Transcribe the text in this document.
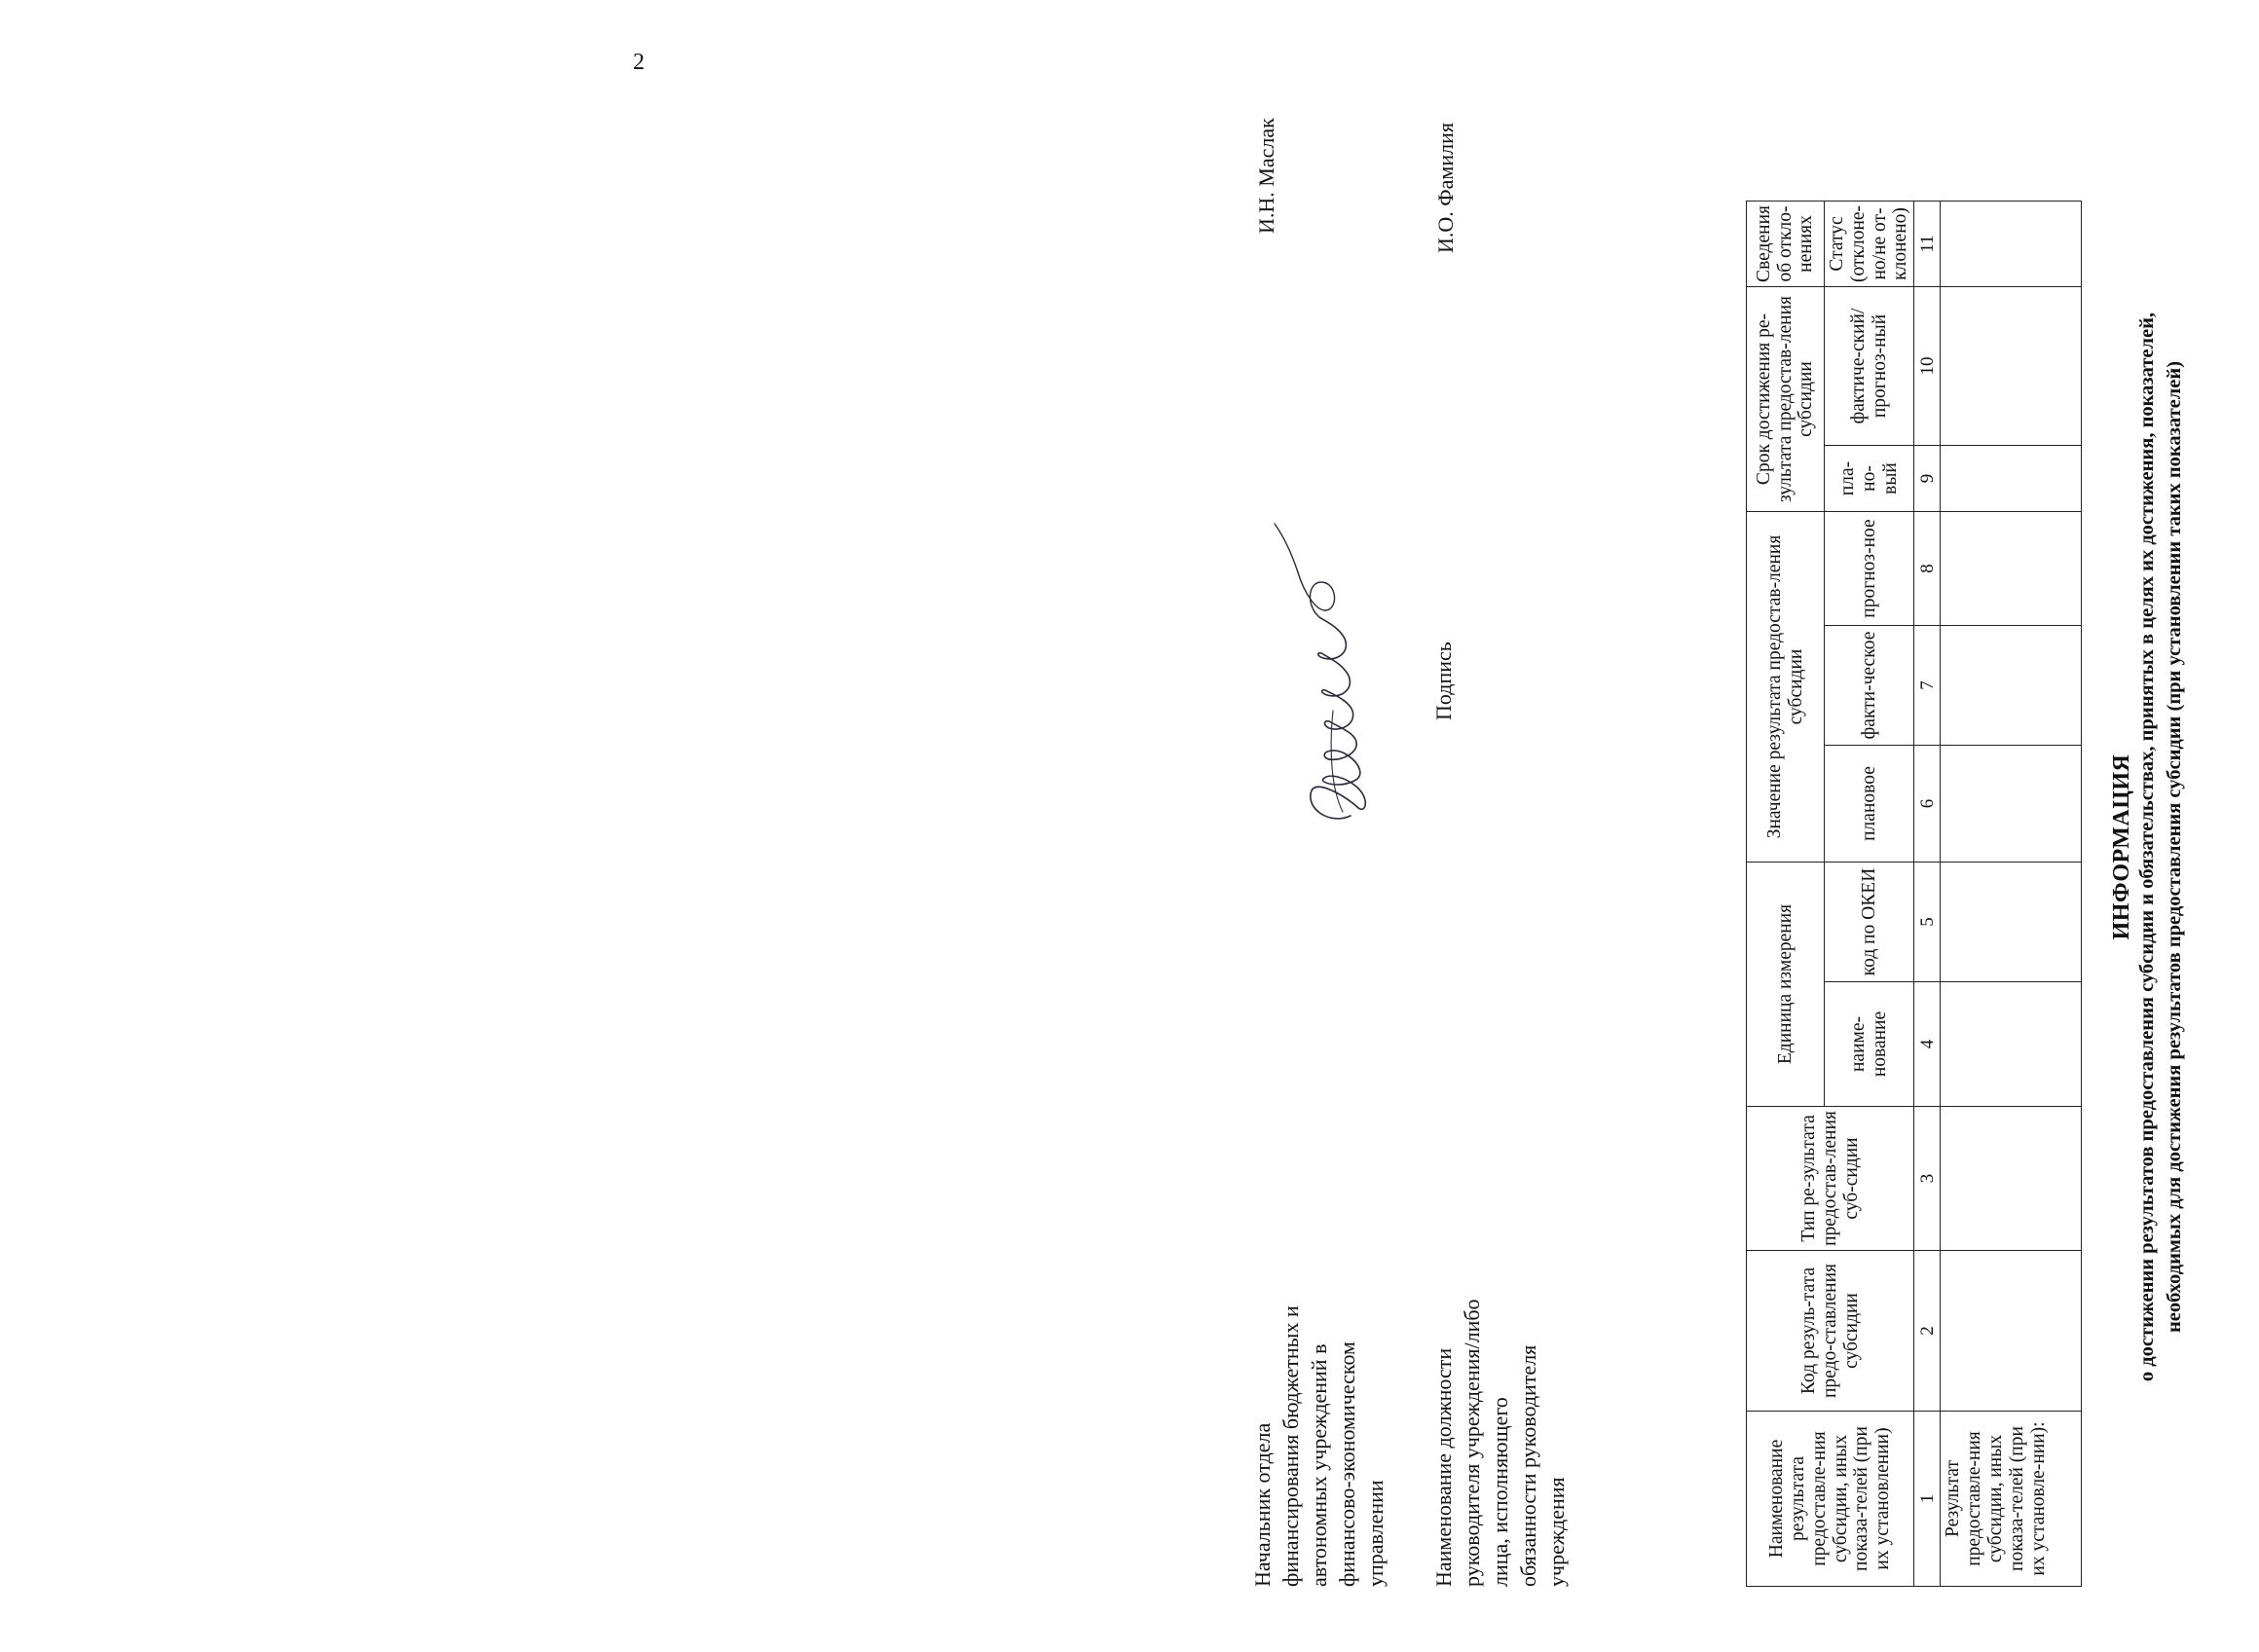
2
ИНФОРМАЦИЯ о достижении результатов предоставления субсидии и обязательствах, принятых в целях их достижения, показателей, необходимых для достижения результатов предоставления субсидии (при установлении таких показателей)
Наименование результата предоставле-ния субсидии, иных показа-телей (при их установлении)	Код резуль-тата предо-ставления субсидии	Тип ре-зультата предостав-ления суб-сидии	Единица измерения		Значение результата предостав-ления субсидии			Срок достижения ре-зультата предостав-ления субсидии		Сведения об откло-нениях
			наиме-нование	код по ОКЕИ	плановое	факти-ческое	прогноз-ное	пла-но-вый	фактиче-ский/прогноз-ный	Статус (отклоне-но/не от-клонено)
1	2	3	4	5	6	7	8	9	10	11
Результат предоставле-ния субсидии, иных показа-телей (при их установле-нии):										
Наименование должности руководителя учреждения/либо лица, исполняющего обязанности руководителя учреждения
Подпись
И.О. Фамилия
Начальник отдела финансирования бюджетных и автономных учреждений в финансово-экономическом управлении
И.Н. Маслак
